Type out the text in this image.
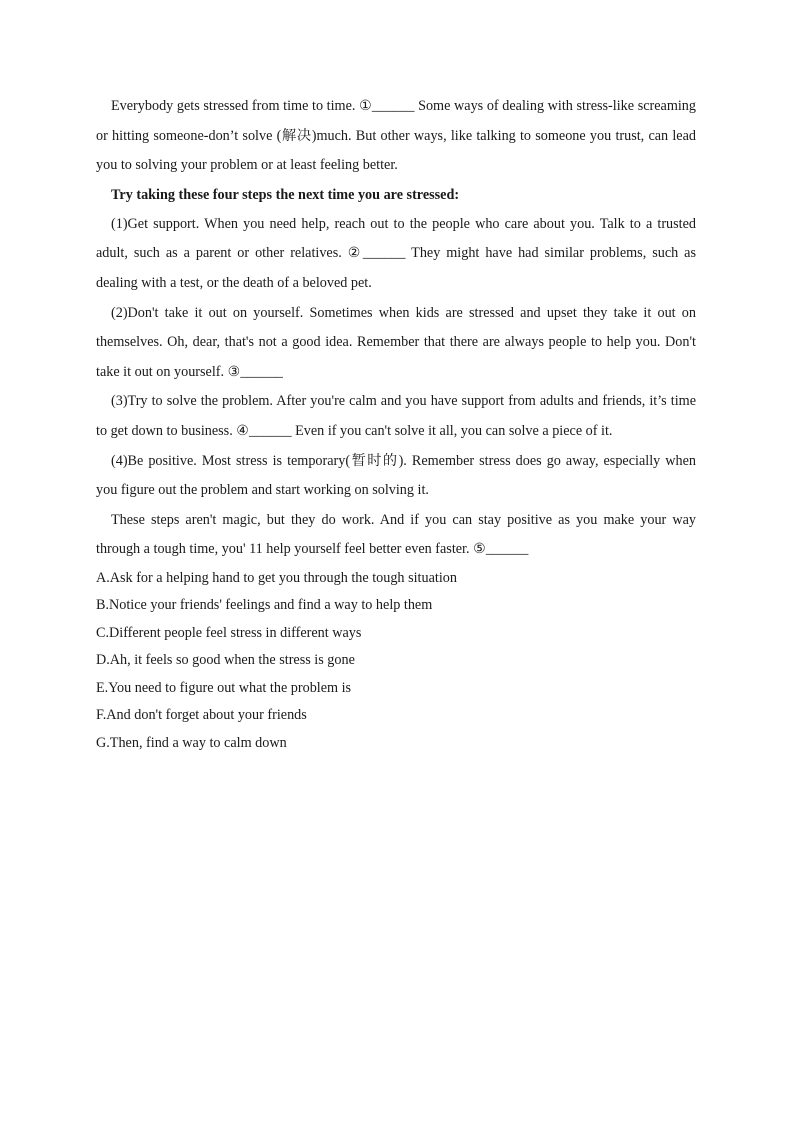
Everybody gets stressed from time to time. ①______ Some ways of dealing with stress-like screaming or hitting someone-don’t solve (解决)much. But other ways, like talking to someone you trust, can lead you to solving your problem or at least feeling better.

Try taking these four steps the next time you are stressed:

(1)Get support. When you need help, reach out to the people who care about you. Talk to a trusted adult, such as a parent or other relatives. ②______ They might have had similar problems, such as dealing with a test, or the death of a beloved pet.

(2)Don't take it out on yourself. Sometimes when kids are stressed and upset they take it out on themselves. Oh, dear, that's not a good idea. Remember that there are always people to help you. Don't take it out on yourself. ③______

(3)Try to solve the problem. After you're calm and you have support from adults and friends, it’s time to get down to business. ④______ Even if you can't solve it all, you can solve a piece of it.

(4)Be positive. Most stress is temporary(暂时的). Remember stress does go away, especially when you figure out the problem and start working on solving it.

These steps aren't magic, but they do work. And if you can stay positive as you make your way through a tough time, you' 11 help yourself feel better even faster. ⑤______

A.Ask for a helping hand to get you through the tough situation
B.Notice your friends' feelings and find a way to help them
C.Different people feel stress in different ways
D.Ah, it feels so good when the stress is gone
E.You need to figure out what the problem is
F.And don't forget about your friends
G.Then, find a way to calm down
